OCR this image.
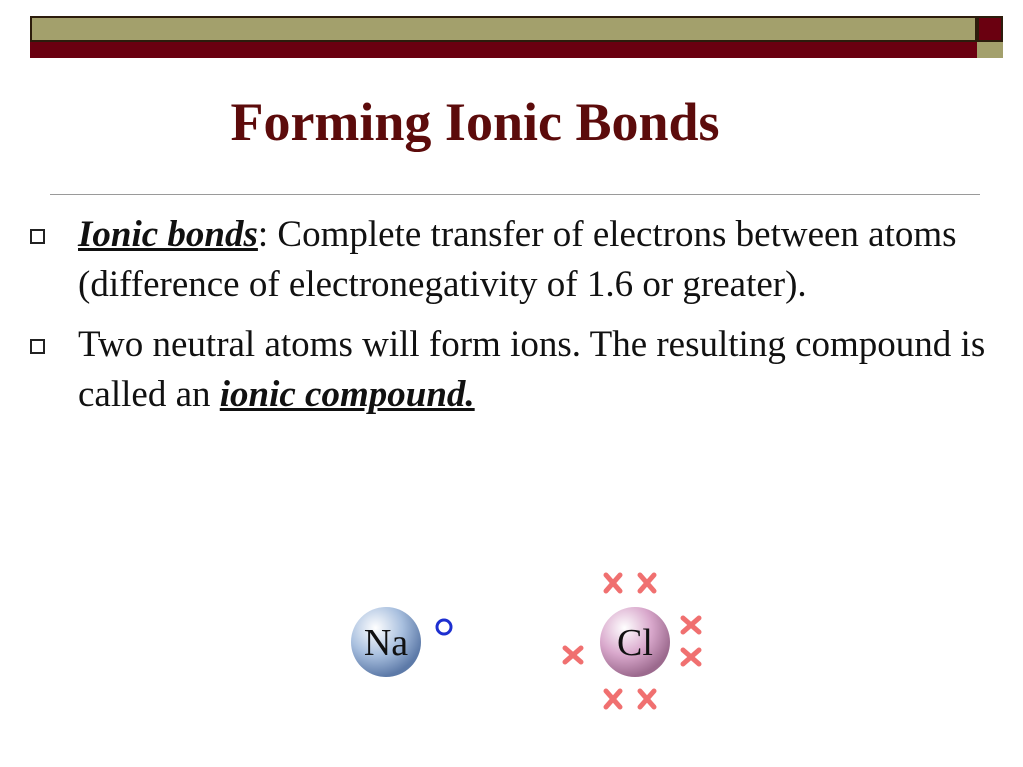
Forming Ionic Bonds
Ionic bonds: Complete transfer of electrons between atoms (difference of electronegativity of 1.6 or greater).
Two neutral atoms will form ions. The resulting compound is called an ionic compound.
Na	Cl
